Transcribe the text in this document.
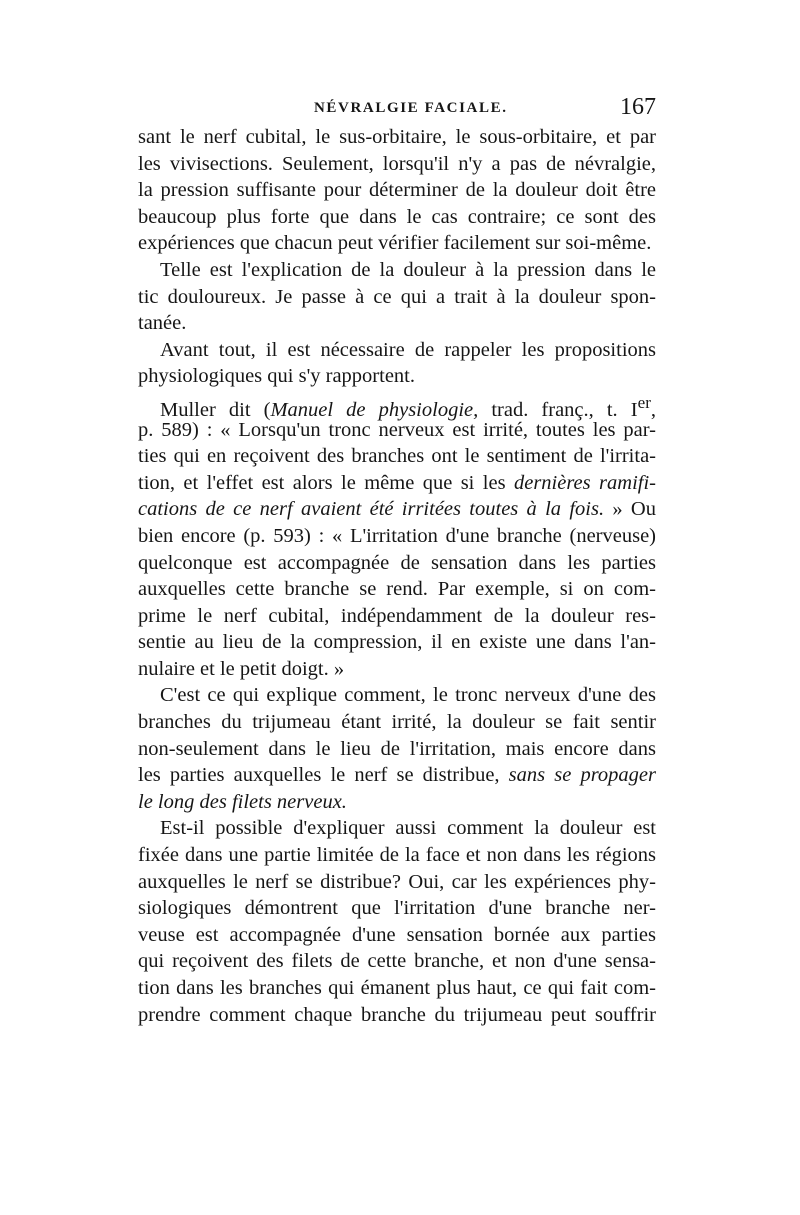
NÉVRALGIE FACIALE.	167
sant le nerf cubital, le sus-orbitaire, le sous-orbitaire, et par
les vivisections. Seulement, lorsqu'il n'y a pas de névralgie,
la pression suffisante pour déterminer de la douleur doit être
beaucoup plus forte que dans le cas contraire; ce sont des
expériences que chacun peut vérifier facilement sur soi-même.
Telle est l'explication de la douleur à la pression dans le
tic douloureux. Je passe à ce qui a trait à la douleur spon-
tanée.
Avant tout, il est nécessaire de rappeler les propositions
physiologiques qui s'y rapportent.
Muller dit (Manuel de physiologie, trad. franç., t. Ier,
p. 589) : « Lorsqu'un tronc nerveux est irrité, toutes les par-
ties qui en reçoivent des branches ont le sentiment de l'irrita-
tion, et l'effet est alors le même que si les dernières ramifi-
cations de ce nerf avaient été irritées toutes à la fois. » Ou
bien encore (p. 593) : « L'irritation d'une branche (nerveuse)
quelconque est accompagnée de sensation dans les parties
auxquelles cette branche se rend. Par exemple, si on com-
prime le nerf cubital, indépendamment de la douleur res-
sentie au lieu de la compression, il en existe une dans l'an-
nulaire et le petit doigt. »
C'est ce qui explique comment, le tronc nerveux d'une des
branches du trijumeau étant irrité, la douleur se fait sentir
non-seulement dans le lieu de l'irritation, mais encore dans
les parties auxquelles le nerf se distribue, sans se propager
le long des filets nerveux.
Est-il possible d'expliquer aussi comment la douleur est
fixée dans une partie limitée de la face et non dans les régions
auxquelles le nerf se distribue? Oui, car les expériences phy-
siologiques démontrent que l'irritation d'une branche ner-
veuse est accompagnée d'une sensation bornée aux parties
qui reçoivent des filets de cette branche, et non d'une sensa-
tion dans les branches qui émanent plus haut, ce qui fait com-
prendre comment chaque branche du trijumeau peut souffrir
